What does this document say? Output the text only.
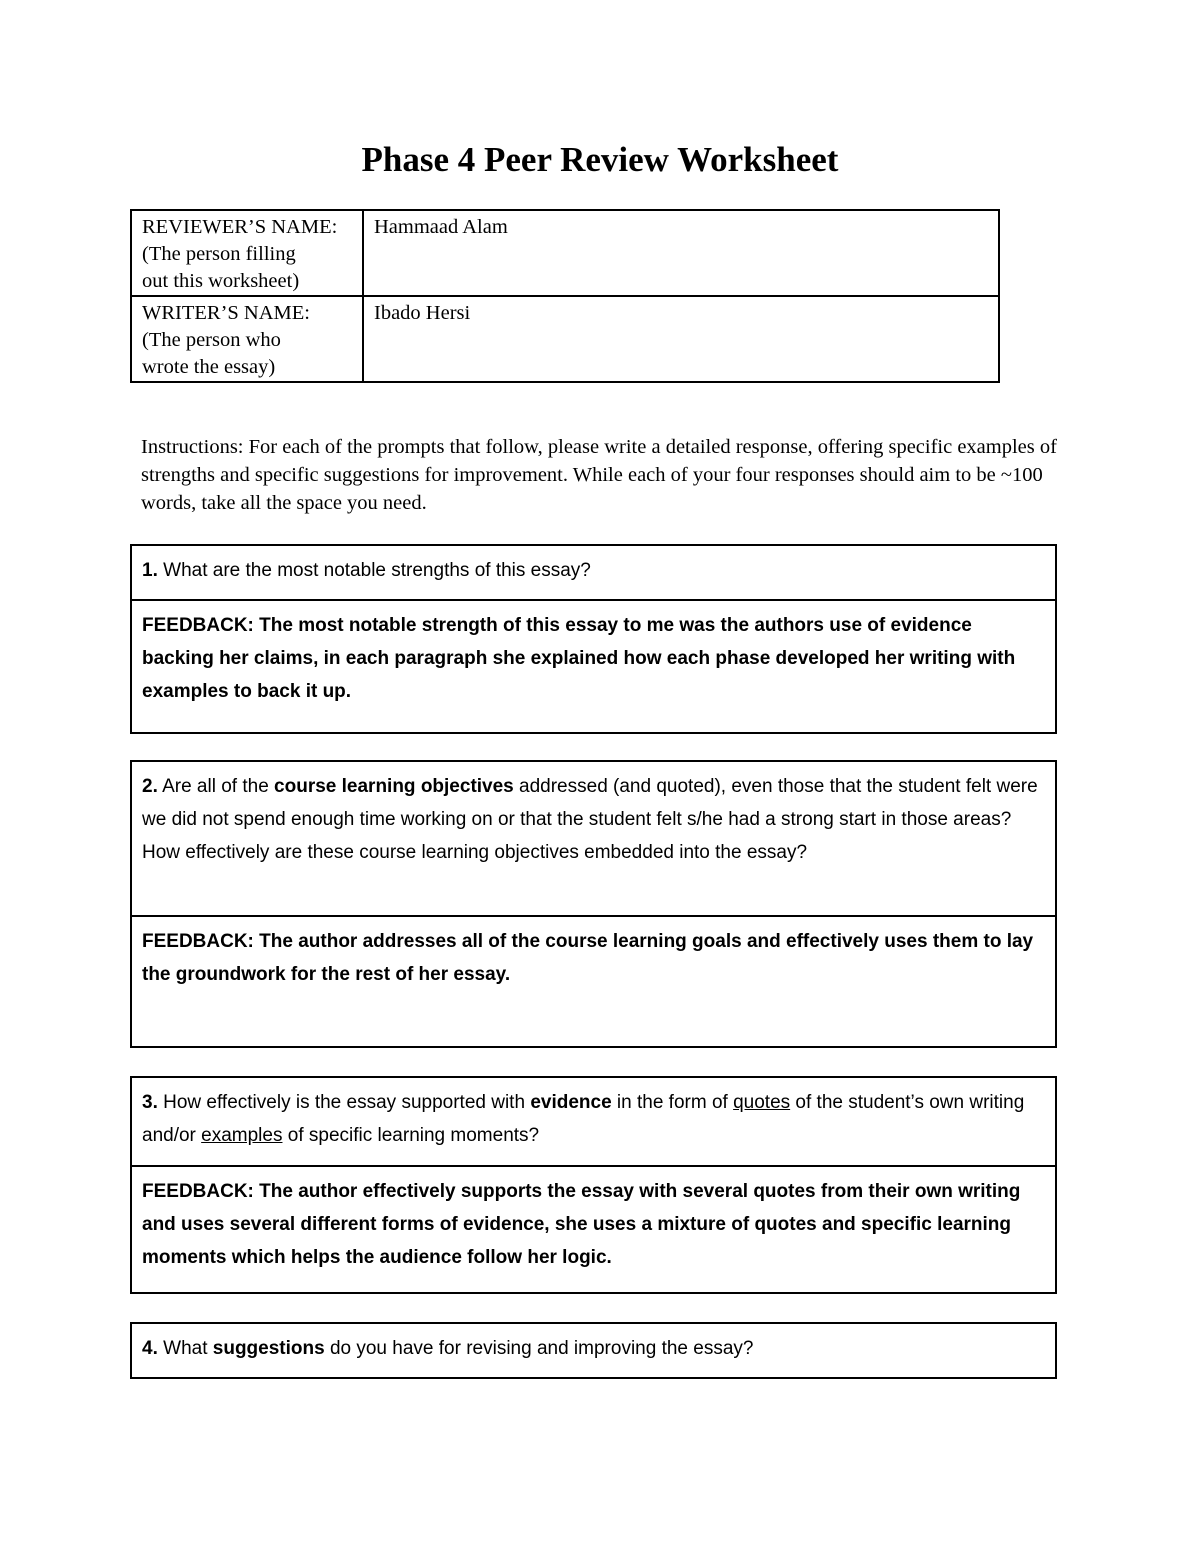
Phase 4 Peer Review Worksheet
REVIEWER’S NAME:
(The person filling
out this worksheet)	Hammaad Alam

WRITER’S NAME:
(The person who
wrote the essay)	Ibado Hersi
Instructions: For each of the prompts that follow, please write a detailed response, offering specific examples of strengths and specific suggestions for improvement. While each of your four responses should aim to be ~100 words, take all the space you need.
1. What are the most notable strengths of this essay?
FEEDBACK: The most notable strength of this essay to me was the authors use of evidence backing her claims, in each paragraph she explained how each phase developed her writing with examples to back it up.
2. Are all of the course learning objectives addressed (and quoted), even those that the student felt were we did not spend enough time working on or that the student felt s/he had a strong start in those areas? How effectively are these course learning objectives embedded into the essay?
FEEDBACK: The author addresses all of the course learning goals and effectively uses them to lay the groundwork for the rest of her essay.
3. How effectively is the essay supported with evidence in the form of quotes of the student’s own writing and/or examples of specific learning moments?
FEEDBACK: The author effectively supports the essay with several quotes from their own writing and uses several different forms of evidence, she uses a mixture of quotes and specific learning moments which helps the audience follow her logic.
4. What suggestions do you have for revising and improving the essay?
